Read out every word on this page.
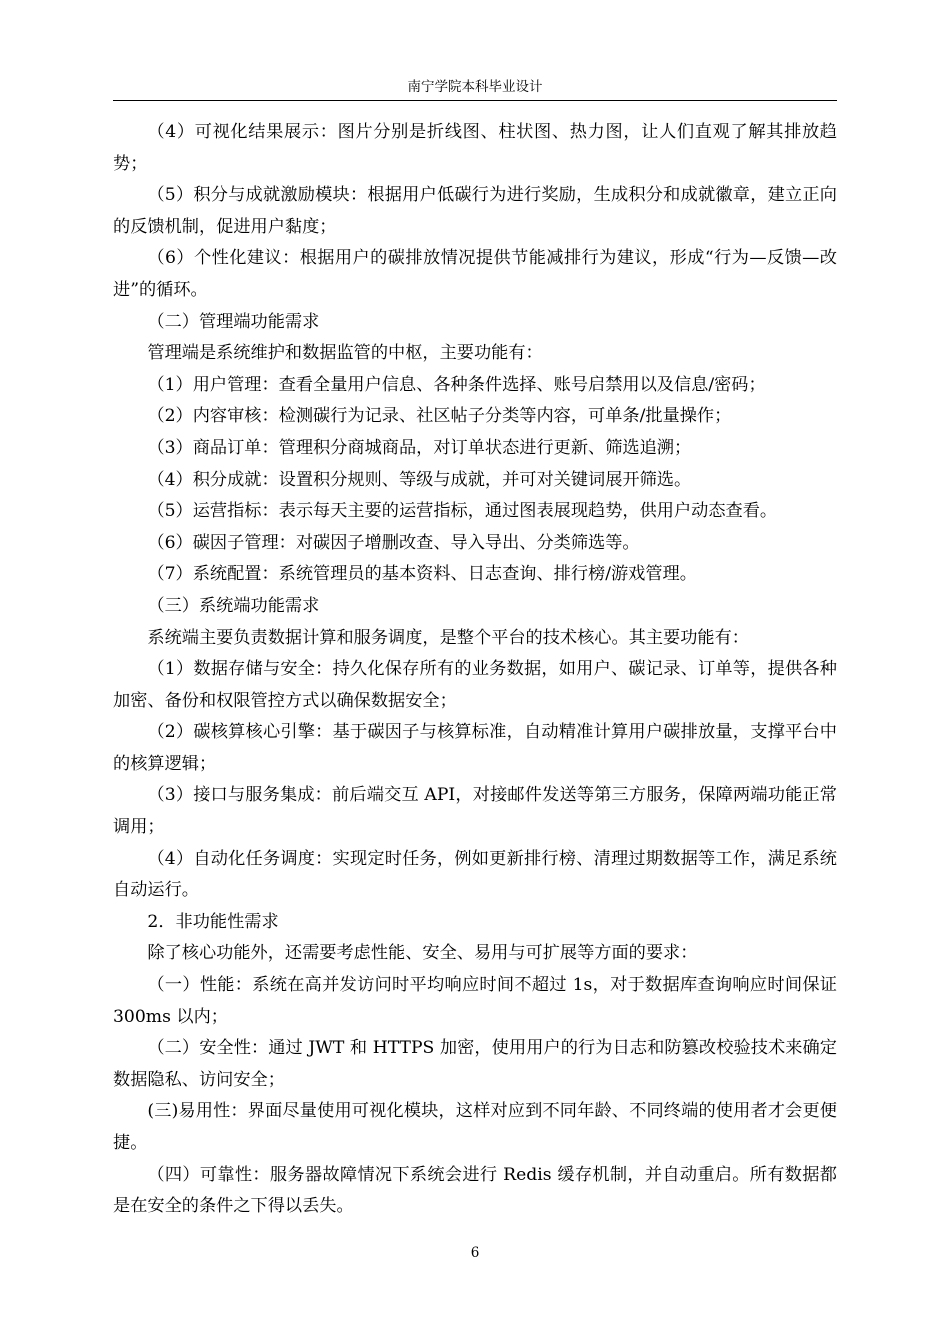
南宁学院本科毕业设计

（4）可视化结果展示：图片分别是折线图、柱状图、热力图，让人们直观了解其排放趋势；

（5）积分与成就激励模块：根据用户低碳行为进行奖励，生成积分和成就徽章，建立正向的反馈机制，促进用户黏度；

（6）个性化建议：根据用户的碳排放情况提供节能减排行为建议，形成“行为—反馈—改进”的循环。

（二）管理端功能需求

管理端是系统维护和数据监管的中枢，主要功能有：

（1）用户管理：查看全量用户信息、各种条件选择、账号启禁用以及信息/密码；

（2）内容审核：检测碳行为记录、社区帖子分类等内容，可单条/批量操作；

（3）商品订单：管理积分商城商品，对订单状态进行更新、筛选追溯；

（4）积分成就：设置积分规则、等级与成就，并可对关键词展开筛选。

（5）运营指标：表示每天主要的运营指标，通过图表展现趋势，供用户动态查看。

（6）碳因子管理：对碳因子增删改查、导入导出、分类筛选等。

（7）系统配置：系统管理员的基本资料、日志查询、排行榜/游戏管理。

（三）系统端功能需求

系统端主要负责数据计算和服务调度，是整个平台的技术核心。其主要功能有：

（1）数据存储与安全：持久化保存所有的业务数据，如用户、碳记录、订单等，提供各种加密、备份和权限管控方式以确保数据安全；

（2）碳核算核心引擎：基于碳因子与核算标准，自动精准计算用户碳排放量，支撑平台中的核算逻辑；

（3）接口与服务集成：前后端交互 API，对接邮件发送等第三方服务，保障两端功能正常调用；

（4）自动化任务调度：实现定时任务，例如更新排行榜、清理过期数据等工作，满足系统自动运行。

2．非功能性需求

除了核心功能外，还需要考虑性能、安全、易用与可扩展等方面的要求：

（一）性能：系统在高并发访问时平均响应时间不超过 1s，对于数据库查询响应时间保证 300ms 以内；

（二）安全性：通过 JWT 和 HTTPS 加密，使用用户的行为日志和防篡改校验技术来确定数据隐私、访问安全；

(三)易用性：界面尽量使用可视化模块，这样对应到不同年龄、不同终端的使用者才会更便捷。

（四）可靠性：服务器故障情况下系统会进行 Redis 缓存机制，并自动重启。所有数据都是在安全的条件之下得以丢失。

6
